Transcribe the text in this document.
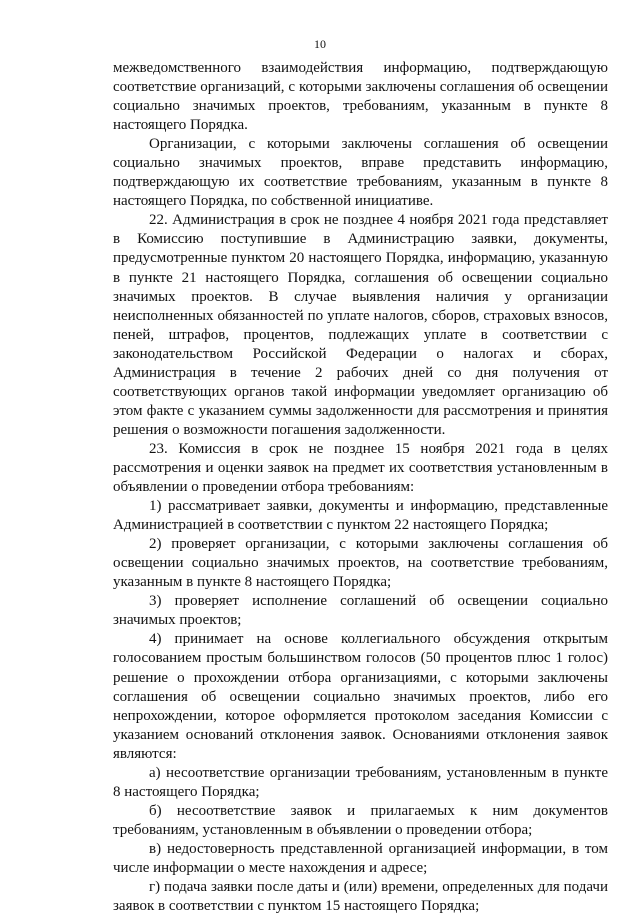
10

межведомственного взаимодействия информацию, подтверждающую соответствие организаций, с которыми заключены соглашения об освещении социально значимых проектов, требованиям, указанным в пункте 8 настоящего Порядка.

Организации, с которыми заключены соглашения об освещении социально значимых проектов, вправе представить информацию, подтверждающую их соответствие требованиям, указанным в пункте 8 настоящего Порядка, по собственной инициативе.

22. Администрация в срок не позднее 4 ноября 2021 года представляет в Комиссию поступившие в Администрацию заявки, документы, предусмотренные пунктом 20 настоящего Порядка, информацию, указанную в пункте 21 настоящего Порядка, соглашения об освещении социально значимых проектов. В случае выявления наличия у организации неисполненных обязанностей по уплате налогов, сборов, страховых взносов, пеней, штрафов, процентов, подлежащих уплате в соответствии с законодательством Российской Федерации о налогах и сборах, Администрация в течение 2 рабочих дней со дня получения от соответствующих органов такой информации уведомляет организацию об этом факте с указанием суммы задолженности для рассмотрения и принятия решения о возможности погашения задолженности.

23. Комиссия в срок не позднее 15 ноября 2021 года в целях рассмотрения и оценки заявок на предмет их соответствия установленным в объявлении о проведении отбора требованиям:

1) рассматривает заявки, документы и информацию, представленные Администрацией в соответствии с пунктом 22 настоящего Порядка;

2) проверяет организации, с которыми заключены соглашения об освещении социально значимых проектов, на соответствие требованиям, указанным в пункте 8 настоящего Порядка;

3) проверяет исполнение соглашений об освещении социально значимых проектов;

4) принимает на основе коллегиального обсуждения открытым голосованием простым большинством голосов (50 процентов плюс 1 голос) решение о прохождении отбора организациями, с которыми заключены соглашения об освещении социально значимых проектов, либо его непрохождении, которое оформляется протоколом заседания Комиссии с указанием оснований отклонения заявок. Основаниями отклонения заявок являются:

а) несоответствие организации требованиям, установленным в пункте 8 настоящего Порядка;

б) несоответствие заявок и прилагаемых к ним документов требованиям, установленным в объявлении о проведении отбора;

в) недостоверность представленной организацией информации, в том числе информации о месте нахождения и адресе;

г) подача заявки после даты и (или) времени, определенных для подачи заявок в соответствии с пунктом 15 настоящего Порядка;
